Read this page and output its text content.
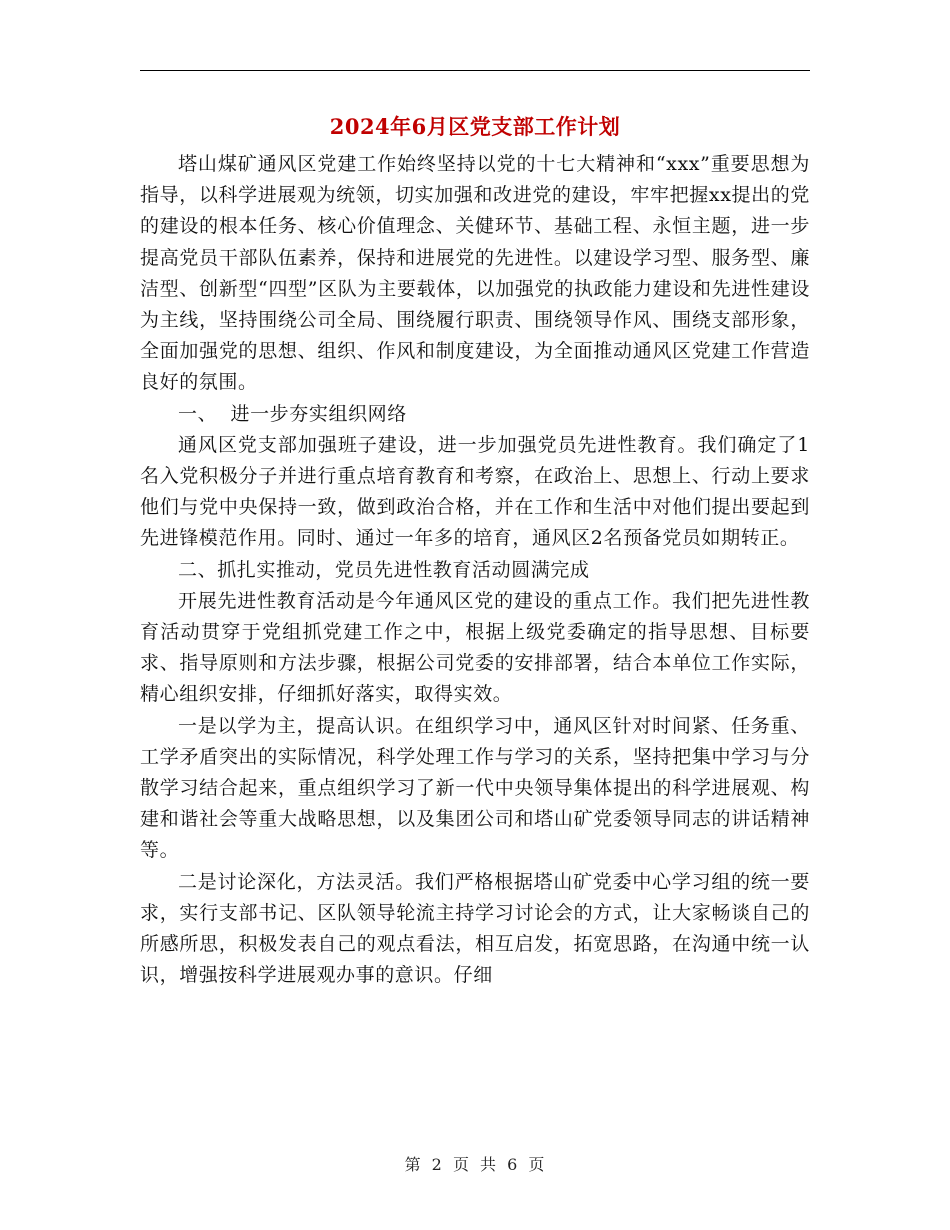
2024年6月区党支部工作计划

塔山煤矿通风区党建工作始终坚持以党的十七大精神和“xxx”重要思想为指导，以科学进展观为统领，切实加强和改进党的建设，牢牢把握xx提出的党的建设的根本任务、核心价值理念、关健环节、基础工程、永恒主题，进一步提高党员干部队伍素养，保持和进展党的先进性。以建设学习型、服务型、廉洁型、创新型“四型”区队为主要载体，以加强党的执政能力建设和先进性建设为主线，坚持围绕公司全局、围绕履行职责、围绕领导作风、围绕支部形象，全面加强党的思想、组织、作风和制度建设，为全面推动通风区党建工作营造良好的氛围。

一、  进一步夯实组织网络

通风区党支部加强班子建设，进一步加强党员先进性教育。我们确定了1名入党积极分子并进行重点培育教育和考察，在政治上、思想上、行动上要求他们与党中央保持一致，做到政治合格，并在工作和生活中对他们提出要起到先进锋模范作用。同时、通过一年多的培育，通风区2名预备党员如期转正。

二、抓扎实推动，党员先进性教育活动圆满完成

开展先进性教育活动是今年通风区党的建设的重点工作。我们把先进性教育活动贯穿于党组抓党建工作之中，根据上级党委确定的指导思想、目标要求、指导原则和方法步骤，根据公司党委的安排部署，结合本单位工作实际，精心组织安排，仔细抓好落实，取得实效。

一是以学为主，提高认识。在组织学习中，通风区针对时间紧、任务重、工学矛盾突出的实际情况，科学处理工作与学习的关系，坚持把集中学习与分散学习结合起来，重点组织学习了新一代中央领导集体提出的科学进展观、构建和谐社会等重大战略思想，以及集团公司和塔山矿党委领导同志的讲话精神等。

二是讨论深化，方法灵活。我们严格根据塔山矿党委中心学习组的统一要求，实行支部书记、区队领导轮流主持学习讨论会的方式，让大家畅谈自己的所感所思，积极发表自己的观点看法，相互启发，拓宽思路，在沟通中统一认识，增强按科学进展观办事的意识。仔细

第 2 页 共 6 页
